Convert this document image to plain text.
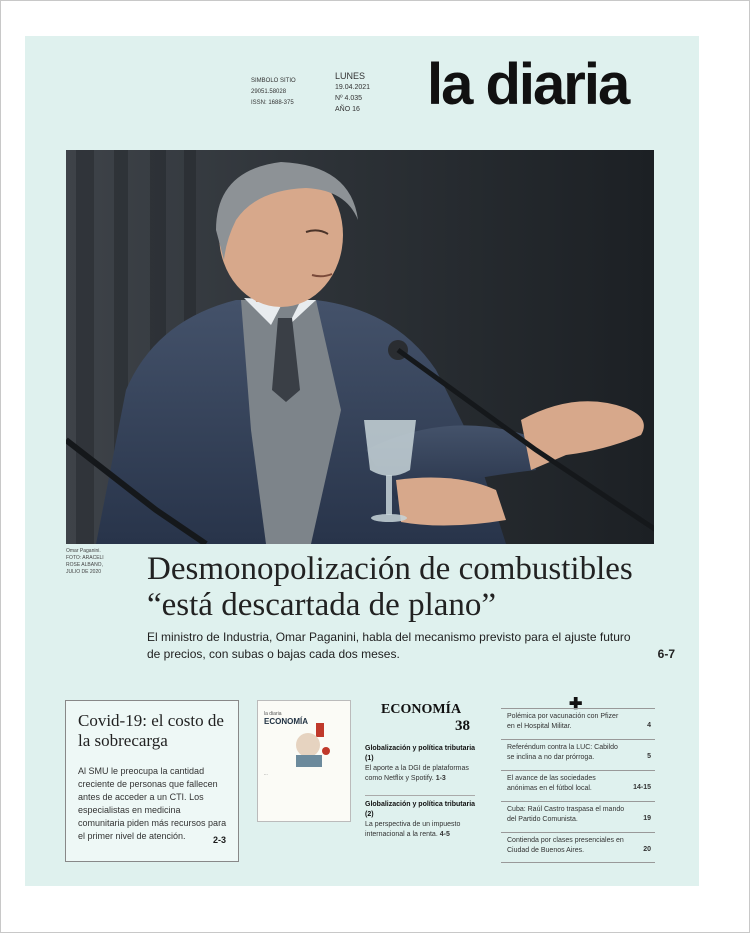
SIMBOLO SITIO
29051.58028
ISSN: 1688-375
LUNES
19.04.2021
Nº 4.035
AÑO 16	la diaria
Omar Paganini.
FOTO: ARACELI
ROSE ALBANO,
JULIO DE 2020	Desmonopolización de combustibles
“está descartada de plano”
El ministro de Industria, Omar Paganini, habla del mecanismo previsto para el ajuste futuro de precios, con subas o bajas cada dos meses.	6-7
Covid-19: el costo de la sobrecarga
Al SMU le preocupa la cantidad creciente de personas que fallecen antes de acceder a un CTI. Los especialistas en medicina comunitaria piden más recursos para el primer nivel de atención.	2-3
la diaria
ECONOMÍA
...
ECONOMÍA
38
Globalización y política tributaria (1)
El aporte a la DGI de plataformas como Netflix y Spotify. 1-3
Globalización y política tributaria (2)
La perspectiva de un impuesto internacional a la renta. 4-5
✚
Polémica por vacunación con Pfizer en el Hospital Militar.	4
Referéndum contra la LUC: Cabildo se inclina a no dar prórroga.	5
El avance de las sociedades anónimas en el fútbol local.	14-15
Cuba: Raúl Castro traspasa el mando del Partido Comunista.	19
Contienda por clases presenciales en Ciudad de Buenos Aires.	20
